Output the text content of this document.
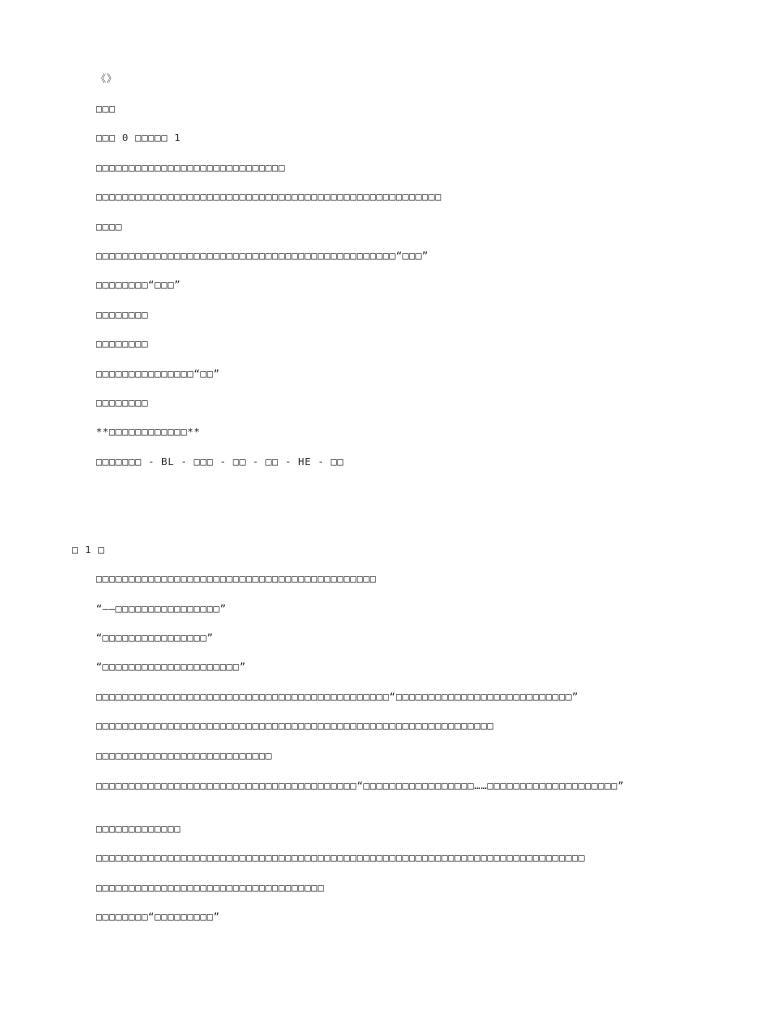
《》
□□□
□□□ 0 □□□□□ 1
□□□□□□□□□□□□□□□□□□□□□□□□□□□□□
□□□□□□□□□□□□□□□□□□□□□□□□□□□□□□□□□□□□□□□□□□□□□□□□□□□□□
□□□□
□□□□□□□□□□□□□□□□□□□□□□□□□□□□□□□□□□□□□□□□□□□□□□“□□□”
□□□□□□□□“□□□”
□□□□□□□□
□□□□□□□□
□□□□□□□□□□□□□□□“□□”
□□□□□□□□
**□□□□□□□□□□□□**
□□□□□□□ - BL - □□□ - □□ - □□ - HE - □□
□ 1 □
□□□□□□□□□□□□□□□□□□□□□□□□□□□□□□□□□□□□□□□□□□□
“——□□□□□□□□□□□□□□□□”
“□□□□□□□□□□□□□□□□”
“□□□□□□□□□□□□□□□□□□□□□”
□□□□□□□□□□□□□□□□□□□□□□□□□□□□□□□□□□□□□□□□□□□□□“□□□□□□□□□□□□□□□□□□□□□□□□□□□”
□□□□□□□□□□□□□□□□□□□□□□□□□□□□□□□□□□□□□□□□□□□□□□□□□□□□□□□□□□□□□
□□□□□□□□□□□□□□□□□□□□□□□□□□□
□□□□□□□□□□□□□□□□□□□□□□□□□□□□□□□□□□□□□□□□“□□□□□□□□□□□□□□□□□……□□□□□□□□□□□□□□□□□□□□”
□□□□□□□□□□□□□
□□□□□□□□□□□□□□□□□□□□□□□□□□□□□□□□□□□□□□□□□□□□□□□□□□□□□□□□□□□□□□□□□□□□□□□□□□□
□□□□□□□□□□□□□□□□□□□□□□□□□□□□□□□□□□□
□□□□□□□□“□□□□□□□□□”
